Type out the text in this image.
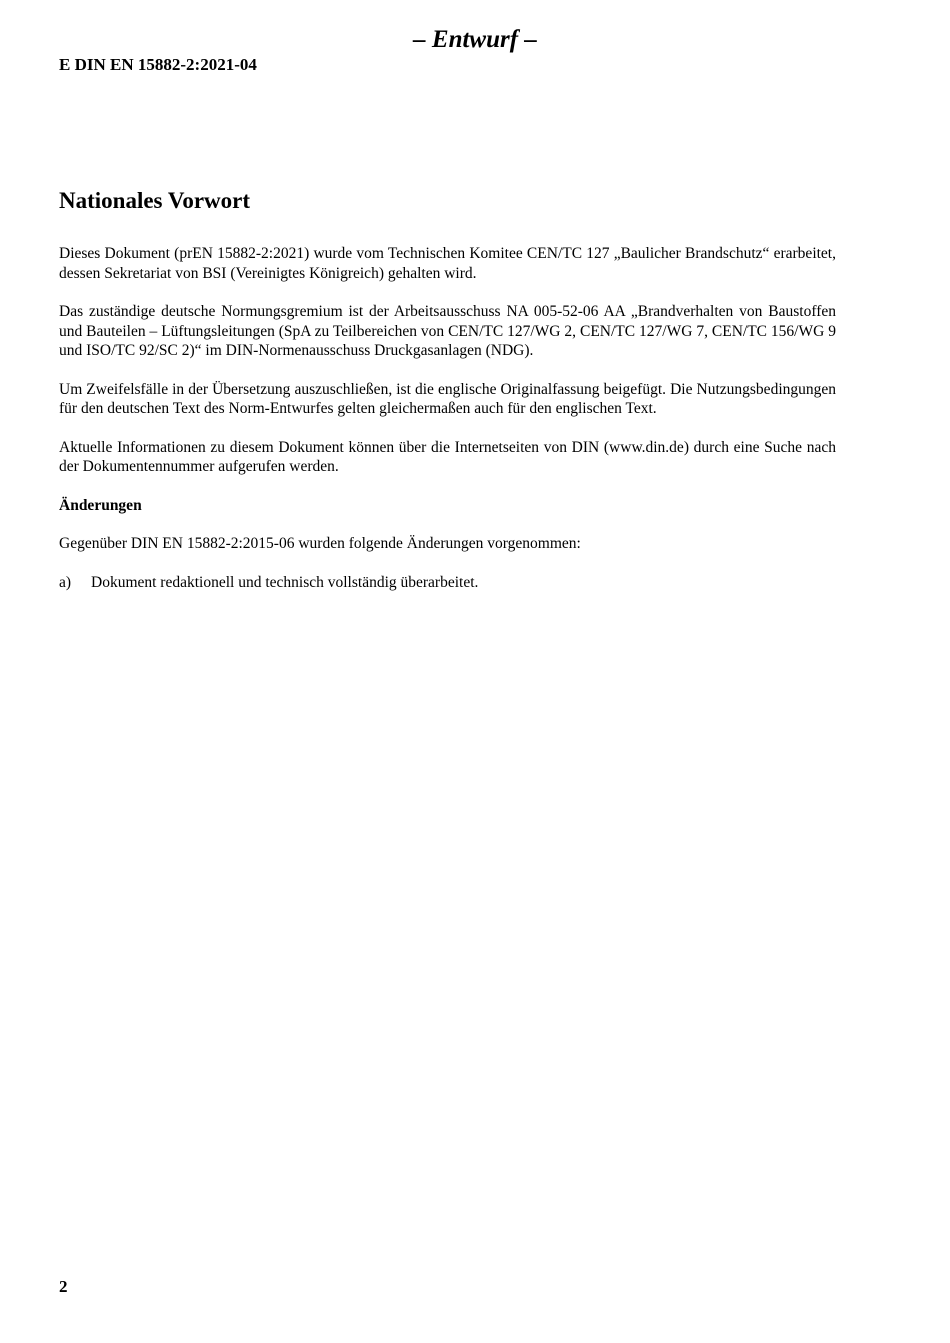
– Entwurf –
E DIN EN 15882-2:2021-04
Nationales Vorwort

Dieses Dokument (prEN 15882-2:2021) wurde vom Technischen Komitee CEN/TC 127 „Baulicher Brandschutz“ erarbeitet, dessen Sekretariat von BSI (Vereinigtes Königreich) gehalten wird.

Das zuständige deutsche Normungsgremium ist der Arbeitsausschuss NA 005-52-06 AA „Brandverhalten von Baustoffen und Bauteilen – Lüftungsleitungen (SpA zu Teilbereichen von CEN/TC 127/WG 2, CEN/TC 127/WG 7, CEN/TC 156/WG 9 und ISO/TC 92/SC 2)“ im DIN-Normenausschuss Druckgasanlagen (NDG).

Um Zweifelsfälle in der Übersetzung auszuschließen, ist die englische Originalfassung beigefügt. Die Nutzungsbedingungen für den deutschen Text des Norm-Entwurfes gelten gleichermaßen auch für den englischen Text.

Aktuelle Informationen zu diesem Dokument können über die Internetseiten von DIN (www.din.de) durch eine Suche nach der Dokumentennummer aufgerufen werden.

Änderungen

Gegenüber DIN EN 15882-2:2015-06 wurden folgende Änderungen vorgenommen:

a)	Dokument redaktionell und technisch vollständig überarbeitet.
2
